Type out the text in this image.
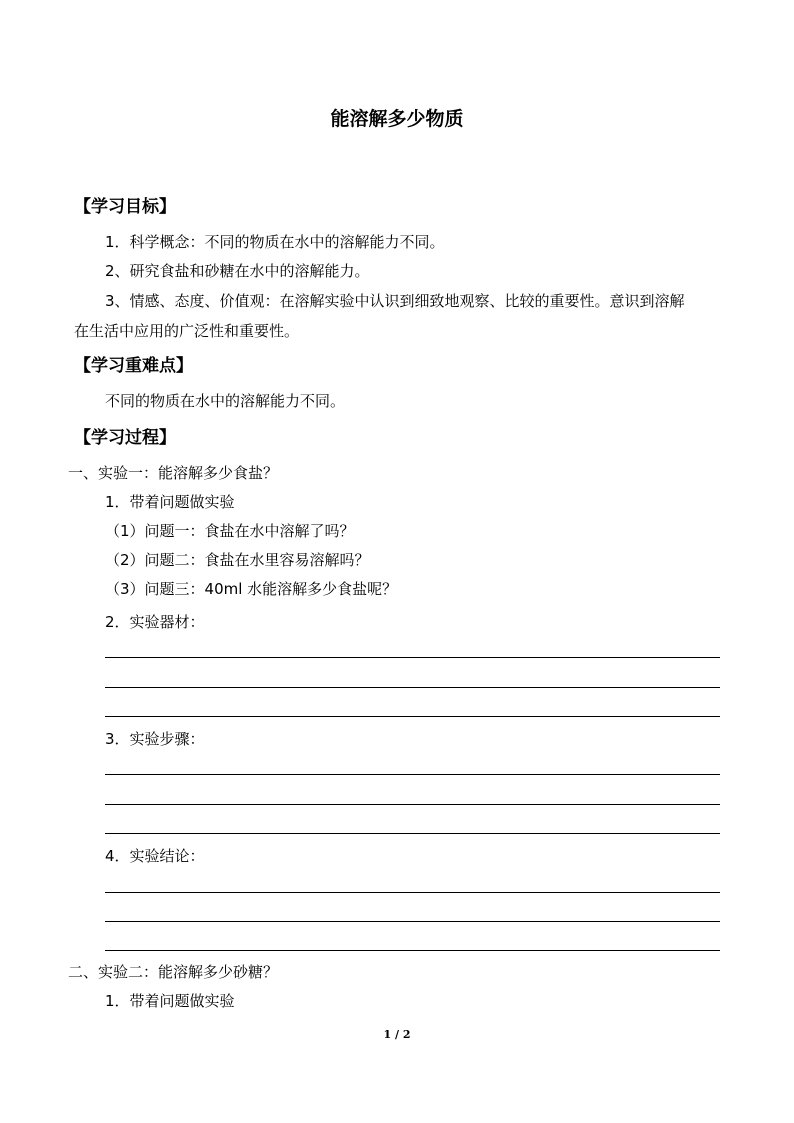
能溶解多少物质
【学习目标】
1．科学概念：不同的物质在水中的溶解能力不同。
2、研究食盐和砂糖在水中的溶解能力。
3、情感、态度、价值观：在溶解实验中认识到细致地观察、比较的重要性。意识到溶解
在生活中应用的广泛性和重要性。
【学习重难点】
不同的物质在水中的溶解能力不同。
【学习过程】
一、实验一：能溶解多少食盐？
1．带着问题做实验
（1）问题一：食盐在水中溶解了吗？
（2）问题二：食盐在水里容易溶解吗？
（3）问题三：40ml 水能溶解多少食盐呢？
2．实验器材：
3．实验步骤：
4．实验结论：
二、实验二：能溶解多少砂糖？
1．带着问题做实验
1 / 2
